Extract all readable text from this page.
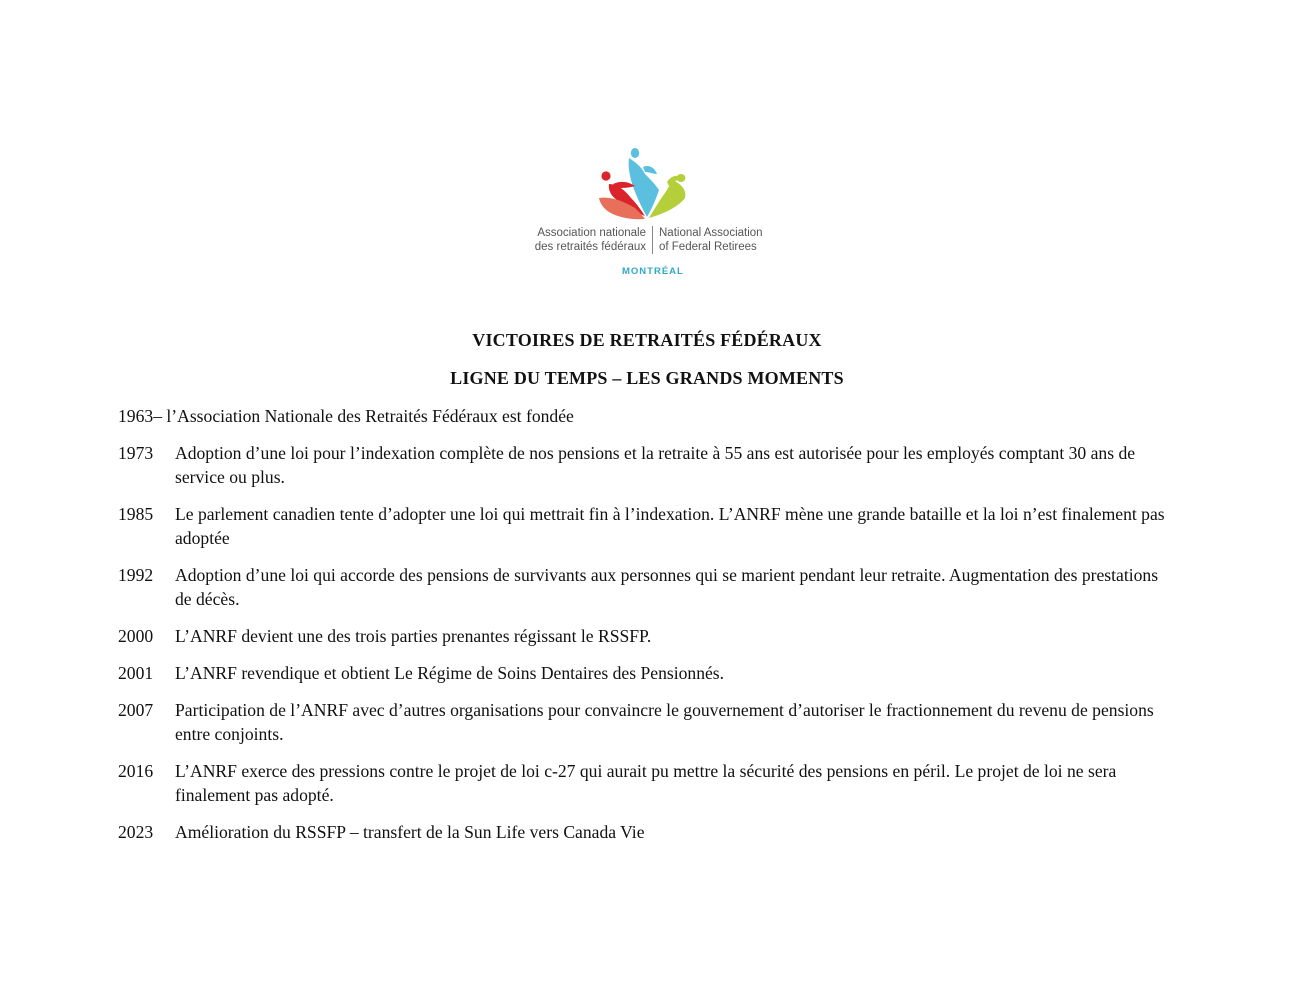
Association nationale
des retraités fédéraux
National Association
of Federal Retirees
MONTRÉAL
VICTOIRES DE RETRAITÉS FÉDÉRAUX
LIGNE DU TEMPS – LES GRANDS MOMENTS
1963 – l’Association Nationale des Retraités Fédéraux est fondée
1973	Adoption d’une loi pour l’indexation complète de nos pensions et la retraite à 55 ans est autorisée pour les employés comptant 30 ans de service ou plus.
1985	Le parlement canadien tente d’adopter une loi qui mettrait fin à l’indexation. L’ANRF mène une grande bataille et la loi n’est finalement pas adoptée
1992	Adoption d’une loi qui accorde des pensions de survivants aux personnes qui se marient pendant leur retraite. Augmentation des prestations de décès.
2000	L’ANRF devient une des trois parties prenantes régissant le RSSFP.
2001	L’ANRF revendique et obtient Le Régime de Soins Dentaires des Pensionnés.
2007	Participation de l’ANRF avec d’autres organisations pour convaincre le gouvernement d’autoriser le fractionnement du revenu de pensions entre conjoints.
2016	L’ANRF exerce des pressions contre le projet de loi c-27 qui aurait pu mettre la sécurité des pensions en péril. Le projet de loi ne sera finalement pas adopté.
2023	Amélioration du RSSFP – transfert de la Sun Life vers Canada Vie
